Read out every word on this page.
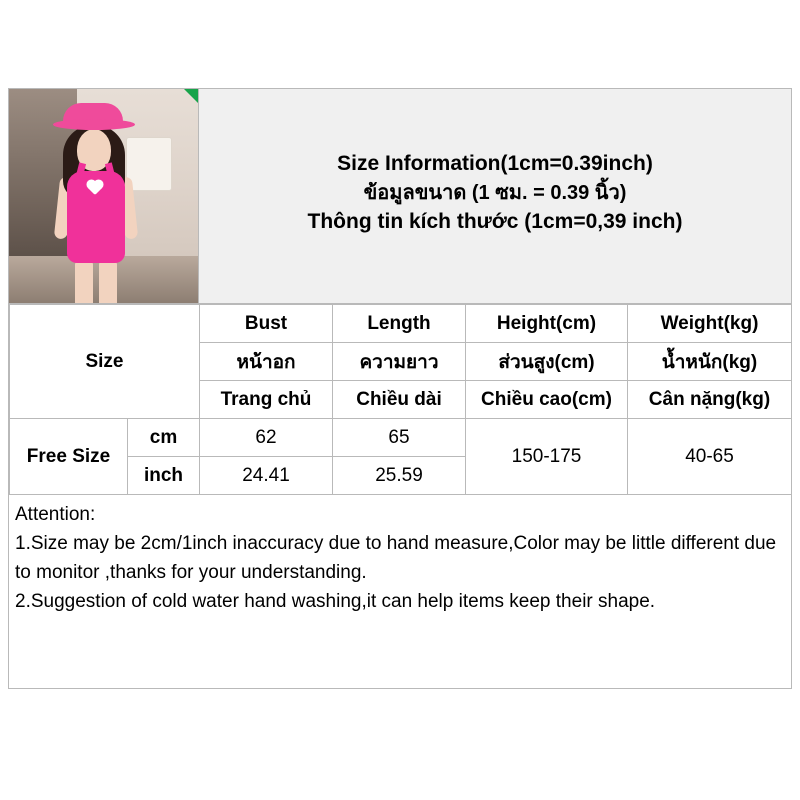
Size Information(1cm=0.39inch)
ข้อมูลขนาด (1 ซม. = 0.39 นิ้ว)
Thông tin kích thước (1cm=0,39 inch)
Size		Bust	Length	Height(cm)	Weight(kg)
		หน้าอก	ความยาว	ส่วนสูง(cm)	น้ำหนัก(kg)
		Trang chủ	Chiều dài	Chiều cao(cm)	Cân nặng(kg)
Free Size	cm	62	65	150-175	40-65
	inch	24.41	25.59		

Attention:

1.Size may be 2cm/1inch inaccuracy due to hand measure,Color may be little different due to monitor ,thanks for your understanding.

2.Suggestion of cold water hand washing,it can help items keep their shape.
